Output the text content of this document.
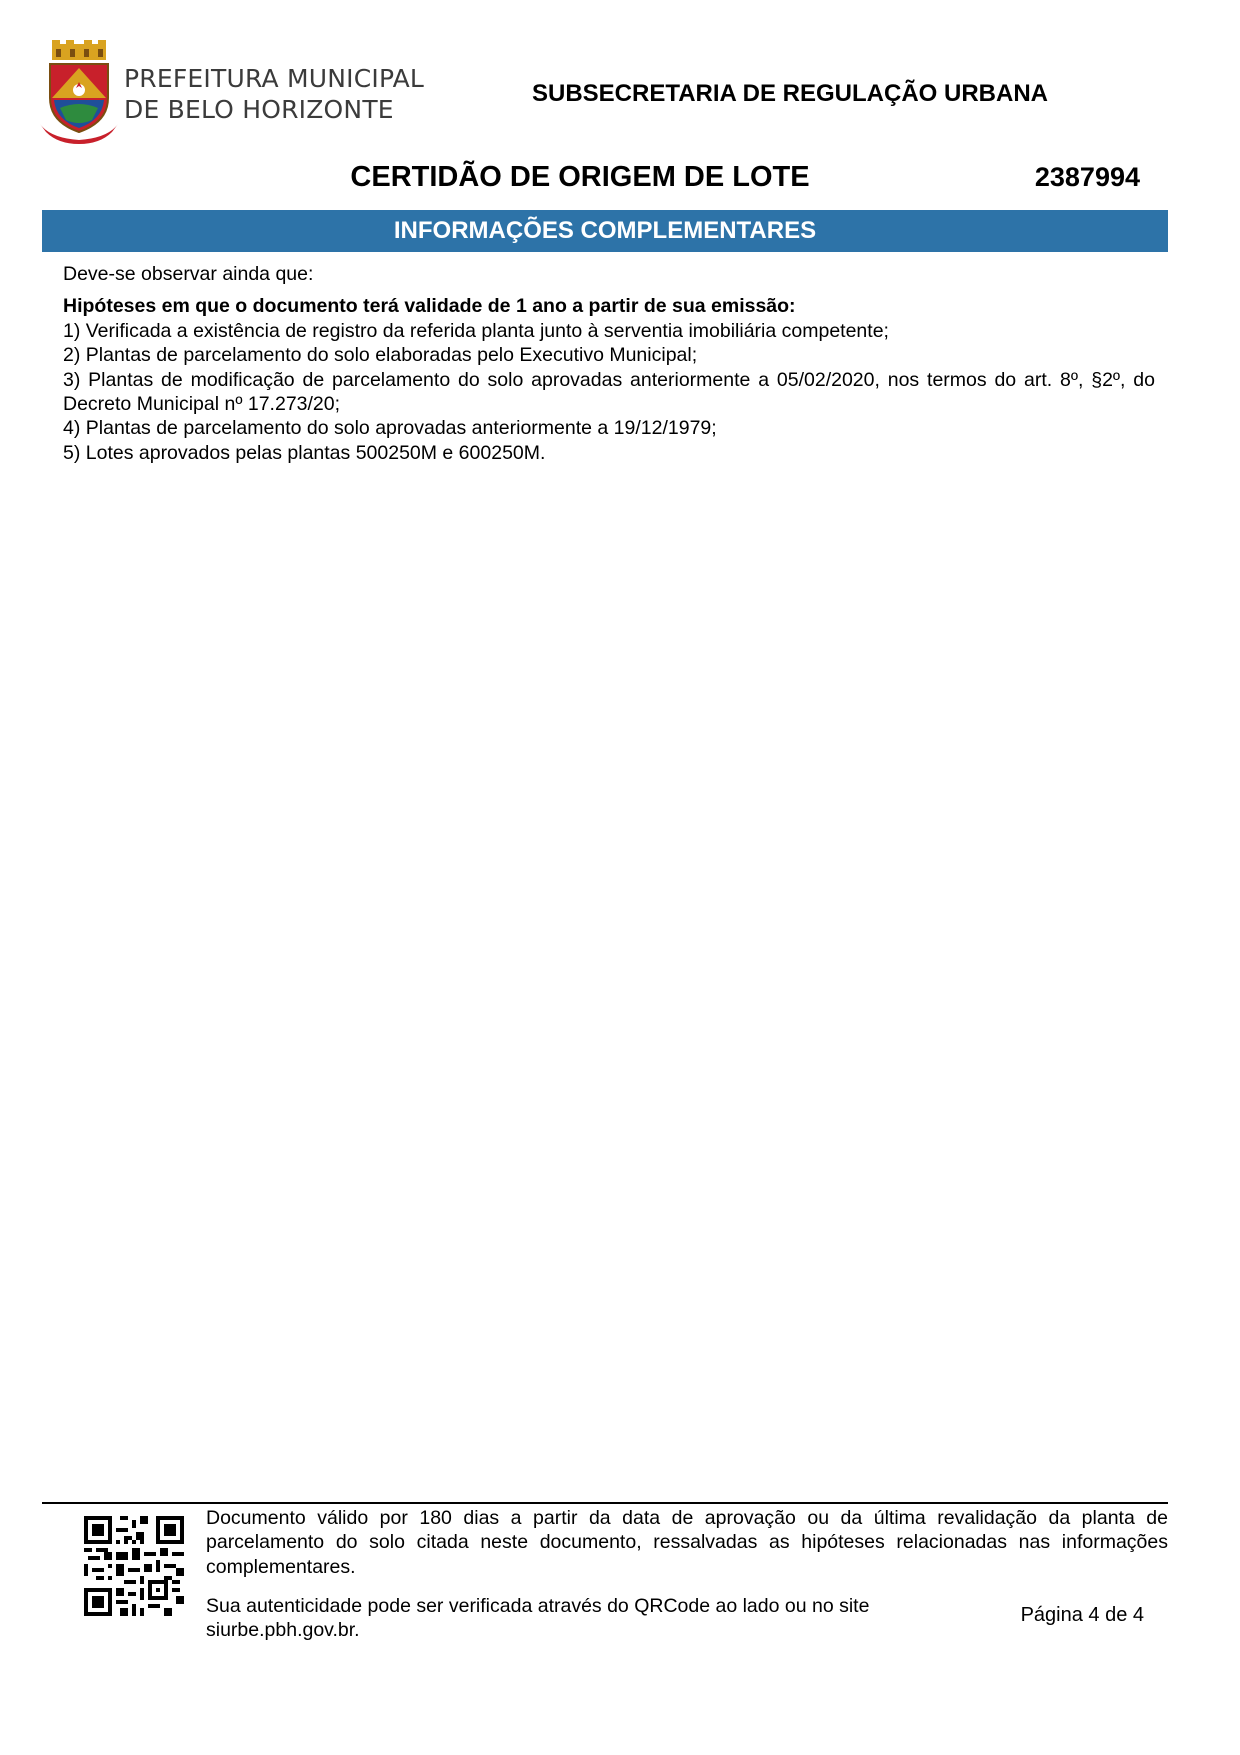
PREFEITURA MUNICIPAL
DE BELO HORIZONTE
SUBSECRETARIA DE REGULAÇÃO URBANA
CERTIDÃO DE ORIGEM DE LOTE	2387994
INFORMAÇÕES COMPLEMENTARES

Deve-se observar ainda que:

Hipóteses em que o documento terá validade de 1 ano a partir de sua emissão:

1) Verificada a existência de registro da referida planta junto à serventia imobiliária competente;

2) Plantas de parcelamento do solo elaboradas pelo Executivo Municipal;

3) Plantas de modificação de parcelamento do solo aprovadas anteriormente a 05/02/2020, nos termos do art. 8º, §2º, do Decreto Municipal nº 17.273/20;

4) Plantas de parcelamento do solo aprovadas anteriormente a 19/12/1979;

5) Lotes aprovados pelas plantas 500250M e 600250M.

Documento válido por 180 dias a partir da data de aprovação ou da última revalidação da planta de parcelamento do solo citada neste documento, ressalvadas as hipóteses relacionadas nas informações complementares.
Sua autenticidade pode ser verificada através do QRCode ao lado ou no site siurbe.pbh.gov.br.
Página 4 de 4
